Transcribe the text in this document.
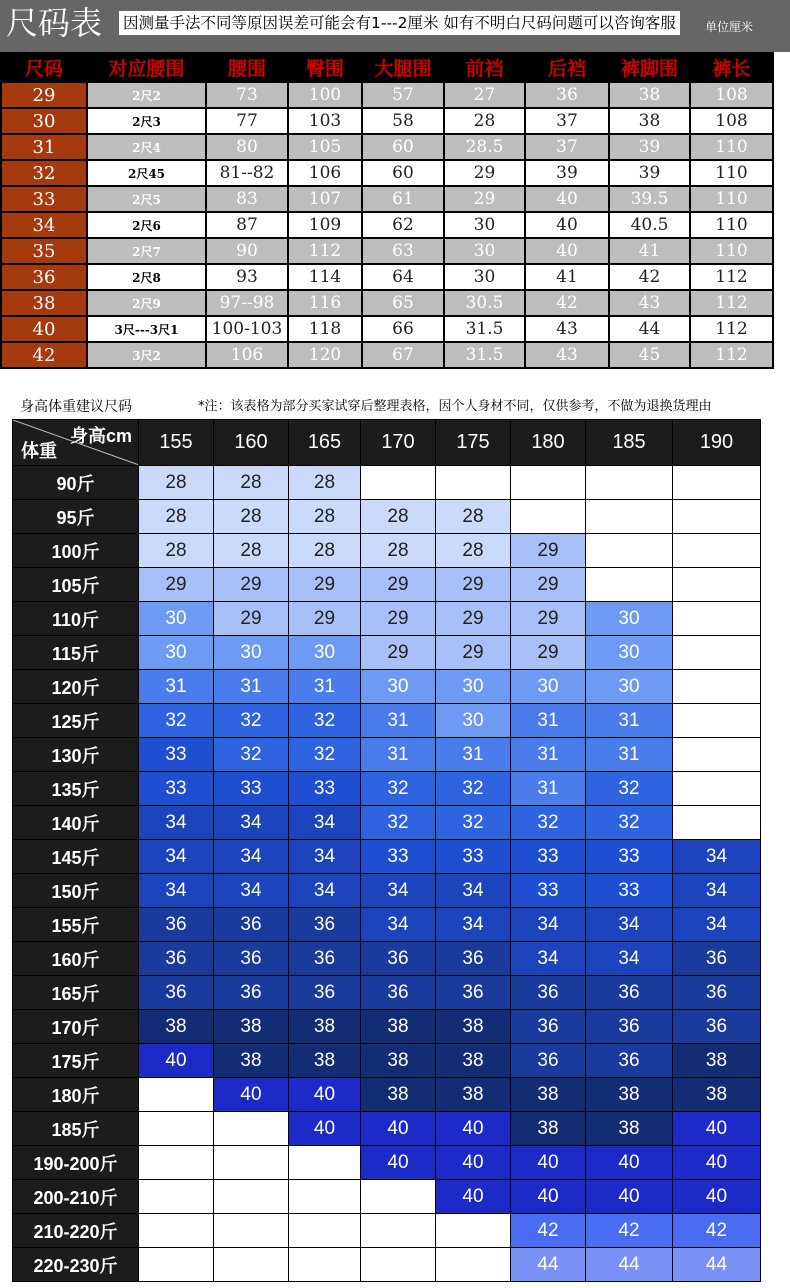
尺码表 因测量手法不同等原因误差可能会有1---2厘米 如有不明白尺码问题可以咨询客服	单位厘米
尺码	对应腰围	腰围	臀围	大腿围	前裆	后裆	裤脚围	裤长
29	2尺2	73	100	57	27	36	38	108
30	2尺3	77	103	58	28	37	38	108
31	2尺4	80	105	60	28.5	37	39	110
32	2尺45	81--82	106	60	29	39	39	110
33	2尺5	83	107	61	29	40	39.5	110
34	2尺6	87	109	62	30	40	40.5	110
35	2尺7	90	112	63	30	40	41	110
36	2尺8	93	114	64	30	41	42	112
38	2尺9	97--98	116	65	30.5	42	43	112
40	3尺---3尺1	100-103	118	66	31.5	43	44	112
42	3尺2	106	120	67	31.5	43	45	112
身高体重建议尺码	*注：该表格为部分买家试穿后整理表格，因个人身材不同，仅供参考，不做为退换货理由
身高cm
体重	155	160	165	170	175	180	185	190
90斤	28	28	28					
95斤	28	28	28	28	28			
100斤	28	28	28	28	28	29		
105斤	29	29	29	29	29	29		
110斤	30	29	29	29	29	29	30	
115斤	30	30	30	29	29	29	30	
120斤	31	31	31	30	30	30	30	
125斤	32	32	32	31	30	31	31	
130斤	33	32	32	31	31	31	31	
135斤	33	33	33	32	32	31	32	
140斤	34	34	34	32	32	32	32	
145斤	34	34	34	33	33	33	33	34
150斤	34	34	34	34	34	33	33	34
155斤	36	36	36	34	34	34	34	34
160斤	36	36	36	36	36	34	34	36
165斤	36	36	36	36	36	36	36	36
170斤	38	38	38	38	38	36	36	36
175斤	40	38	38	38	38	36	36	38
180斤		40	40	38	38	38	38	38
185斤			40	40	40	38	38	40
190-200斤				40	40	40	40	40
200-210斤					40	40	40	40
210-220斤						42	42	42
220-230斤						44	44	44
